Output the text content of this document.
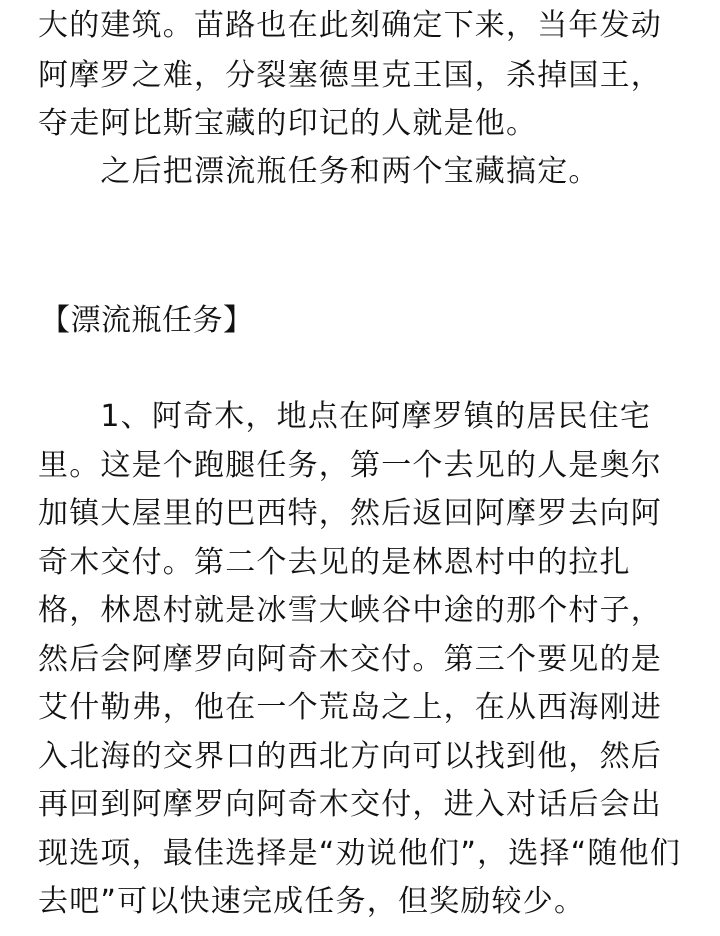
大的建筑。苗路也在此刻确定下来，当年发动
阿摩罗之难，分裂塞德里克王国，杀掉国王，
夺走阿比斯宝藏的印记的人就是他。
　　之后把漂流瓶任务和两个宝藏搞定。
【漂流瓶任务】
　　1、阿奇木，地点在阿摩罗镇的居民住宅
里。这是个跑腿任务，第一个去见的人是奥尔
加镇大屋里的巴西特，然后返回阿摩罗去向阿
奇木交付。第二个去见的是林恩村中的拉扎
格，林恩村就是冰雪大峡谷中途的那个村子，
然后会阿摩罗向阿奇木交付。第三个要见的是
艾什勒弗，他在一个荒岛之上，在从西海刚进
入北海的交界口的西北方向可以找到他，然后
再回到阿摩罗向阿奇木交付，进入对话后会出
现选项，最佳选择是“劝说他们”，选择“随他们
去吧”可以快速完成任务，但奖励较少。
